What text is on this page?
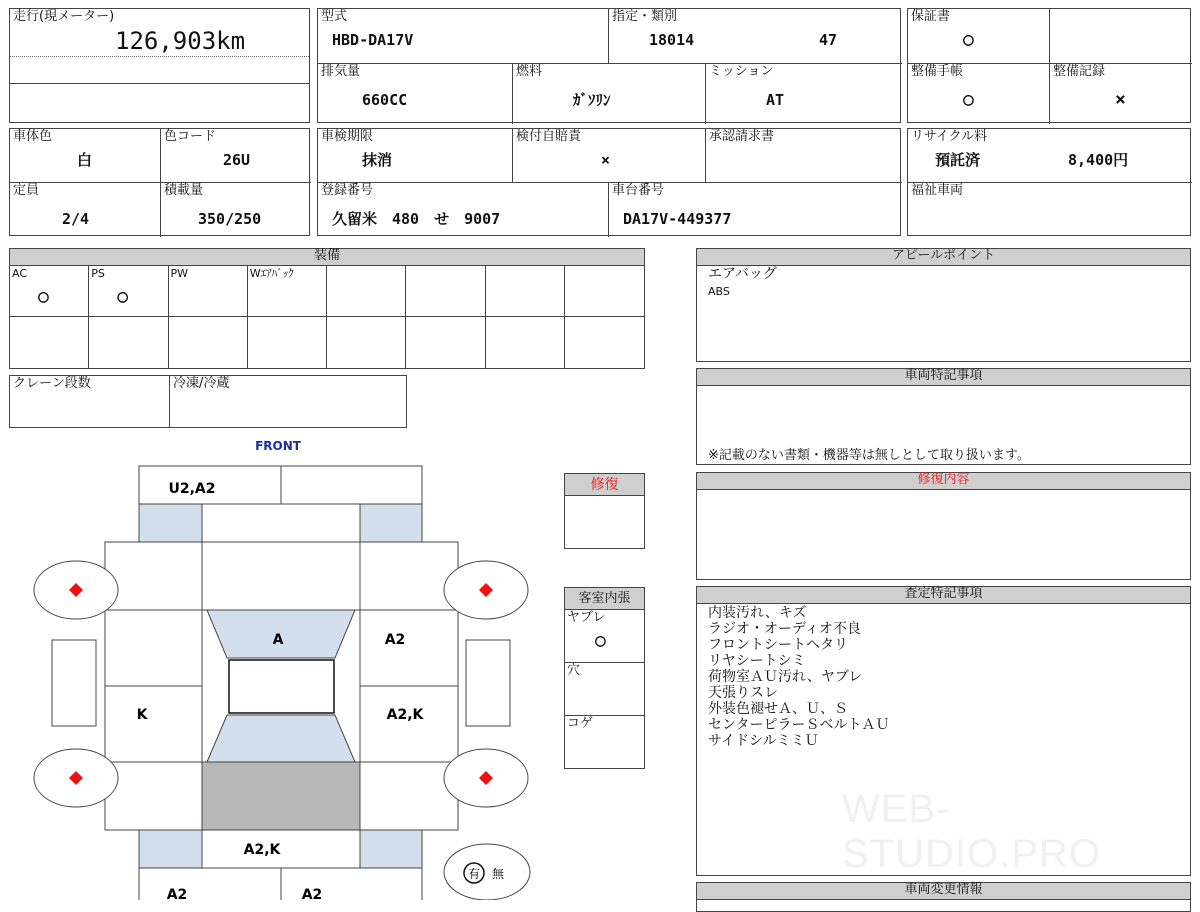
走行(現メーター)
126,903km
型式
HBD-DA17V
指定・類別
18014	47
排気量
660CC
燃料
ｶﾞｿﾘﾝ
ミッション
AT
保証書
○
整備手帳
○
整備記録
×
車体色
白
色コード
26U
定員
2/4
積載量
350/250
車検期限
抹消
検付自賠責
×
承認請求書
登録番号
久留米　480　せ　9007
車台番号
DA17V-449377
リサイクル料
預託済	8,400円
福祉車両
装備
AC
○
PS
○
PW	Wｴｱﾊﾞｯｸ
クレーン段数	冷凍/冷蔵
FRONT
U2,A2
A	A2
K	A2,K
A2,K
A2	A2
有 無
修復
客室内張
ヤブレ
○
穴
コゲ
アピールポイント
エアバッグ
ABS
車両特記事項
※記載のない書類・機器等は無しとして取り扱います。
修復内容
査定特記事項
内装汚れ、キズ
ラジオ・オーディオ不良
フロントシートヘタリ
リヤシートシミ
荷物室ＡＵ汚れ、ヤブレ
天張りスレ
外装色褪せＡ、Ｕ、Ｓ
センターピラーＳベルトＡＵ
サイドシルミミＵ
WEB-STUDIO.PRO
車両変更情報
